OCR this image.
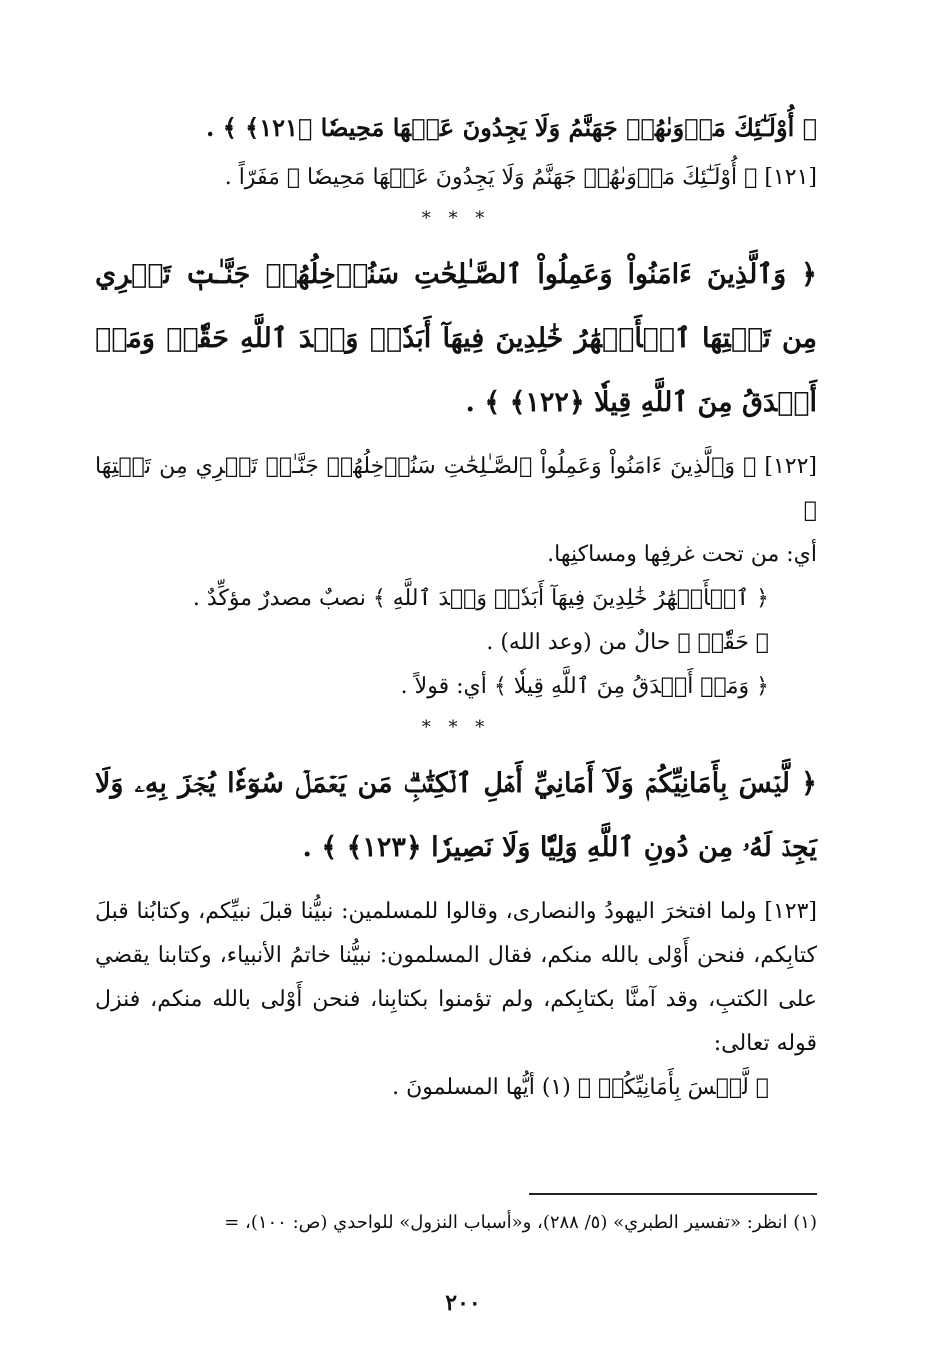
﴿ أُوْلَـٰٓئِكَ مَأۡوَىٰهُمۡ جَهَنَّمُ وَلَا يَجِدُونَ عَنۡهَا مَحِيصٗا ﴿١٢١﴾ ﴾ .

[١٢١] ﴿ أُوْلَـٰٓئِكَ مَأۡوَىٰهُمۡ جَهَنَّمُ وَلَا يَجِدُونَ عَنۡهَا مَحِيصٗا ﴾ مَفَرّاً .

* * *

﴿ وَٱلَّذِينَ ءَامَنُواْ وَعَمِلُواْ ٱلصَّـٰلِحَٰتِ سَنُدۡخِلُهُمۡ جَنَّـٰتٖ تَجۡرِي مِن تَحۡتِهَا ٱلۡأَنۡهَٰرُ خَٰلِدِينَ فِيهَآ أَبَدٗاۖ وَعۡدَ ٱللَّهِ حَقّٗاۚ وَمَنۡ أَصۡدَقُ مِنَ ٱللَّهِ قِيلٗا ﴿١٢٢﴾ ﴾ .

[١٢٢] ﴿ وَٱلَّذِينَ ءَامَنُواْ وَعَمِلُواْ ٱلصَّـٰلِحَٰتِ سَنُدۡخِلُهُمۡ جَنَّـٰتٖ تَجۡرِي مِن تَحۡتِهَا ﴾

أي: من تحت غرفِها ومساكنِها.

﴿ ٱلۡأَنۡهَٰرُ خَٰلِدِينَ فِيهَآ أَبَدٗاۖ وَعۡدَ ٱللَّهِ ﴾ نصبٌ مصدرٌ مؤكِّدٌ .

﴿ حَقّٗاۚ ﴾ حالٌ من (وعد الله) .

﴿ وَمَنۡ أَصۡدَقُ مِنَ ٱللَّهِ قِيلٗا ﴾ أي: قولاً .

* * *

﴿ لَّيۡسَ بِأَمَانِيِّكُمۡ وَلَآ أَمَانِيِّ أَهۡلِ ٱلۡكِتَٰبِۗ مَن يَعۡمَلۡ سُوٓءٗا يُجۡزَ بِهِۦ وَلَا يَجِدۡ لَهُۥ مِن دُونِ ٱللَّهِ وَلِيّٗا وَلَا نَصِيرٗا ﴿١٢٣﴾ ﴾ .

[١٢٣] ولما افتخرَ اليهودُ والنصارى، وقالوا للمسلمين: نبيُّنا قبلَ نبيِّكم، وكتابُنا قبلَ كتابِكم، فنحن أَوْلى بالله منكم، فقال المسلمون: نبيُّنا خاتمُ الأنبياء، وكتابنا يقضي على الكتبِ، وقد آمنَّا بكتابِكم، ولم تؤمنوا بكتابِنا، فنحن أَوْلى بالله منكم، فنزل قوله تعالى:

﴿ لَّيۡسَ بِأَمَانِيِّكُمۡ ﴾ (١) أيُّها المسلمونَ .

(١) انظر: «تفسير الطبري» (٥/ ٢٨٨)، و«أسباب النزول» للواحدي (ص: ١٠٠)، =
٢٠٠
